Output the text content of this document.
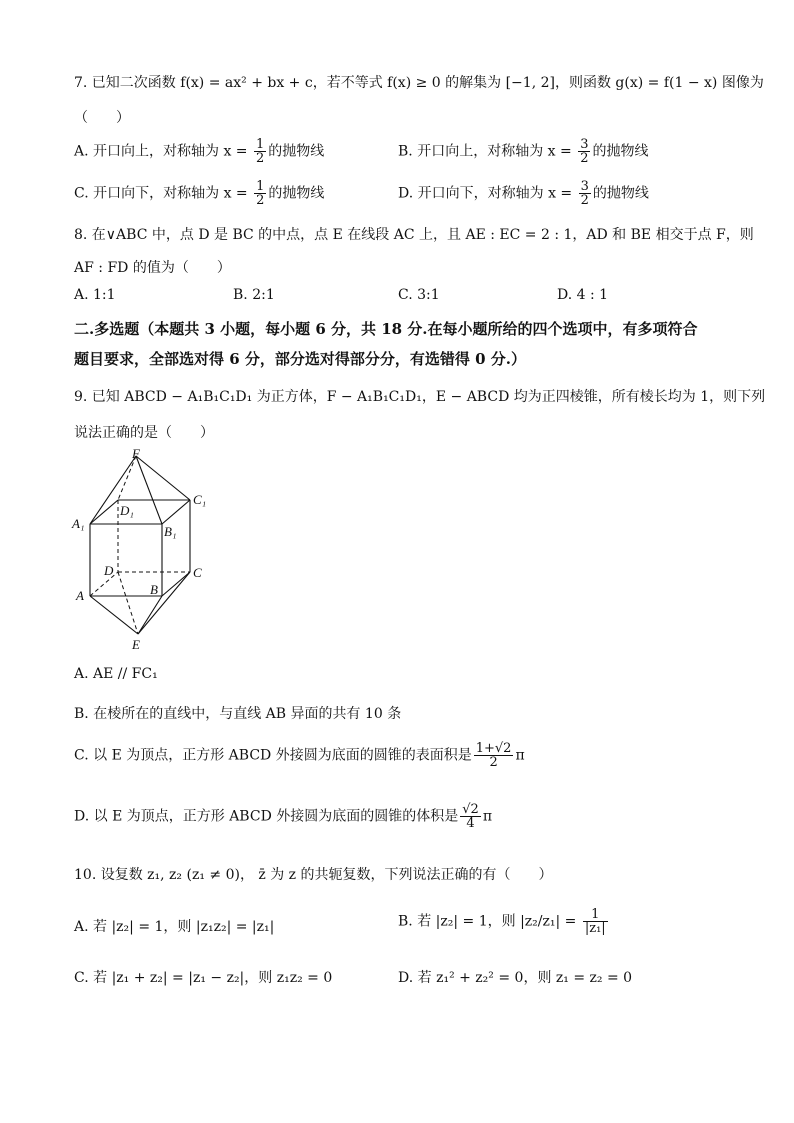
7. 已知二次函数 f(x) = ax² + bx + c，若不等式 f(x) ≥ 0 的解集为 [−1, 2]，则函数 g(x) = f(1 − x) 图像为
（　　）
A. 开口向上，对称轴为 $x = \frac{1}{2}$ 的抛物线	B. 开口向上，对称轴为 $x = \frac{3}{2}$ 的抛物线
C. 开口向下，对称轴为 $x = \frac{1}{2}$ 的抛物线	D. 开口向下，对称轴为 $x = \frac{3}{2}$ 的抛物线
8. 在∨ABC 中，点 D 是 BC 的中点，点 E 在线段 AC 上，且 AE : EC = 2 : 1，AD 和 BE 相交于点 F，则
AF : FD 的值为（　　）
A. 1:1	B. 2:1	C. 3:1	D. 4 : 1
二.多选题（本题共 3 小题，每小题 6 分，共 18 分.在每小题所给的四个选项中，有多项符合
题目要求，全部选对得 6 分，部分选对得部分分，有选错得 0 分.）
9. 已知 ABCD − A₁B₁C₁D₁ 为正方体，F − A₁B₁C₁D₁，E − ABCD 均为正四棱锥，所有棱长均为 1，则下列
说法正确的是（　　）
F
C₁
D₁
A₁
B₁
D	C
A	B
E
A. AE // FC₁
B. 在棱所在的直线中，与直线 AB 异面的共有 10 条
C. 以 E 为顶点，正方形 ABCD 外接圆为底面的圆锥的表面积是 $\frac{1+√2}{2}$ π
D. 以 E 为顶点，正方形 ABCD 外接圆为底面的圆锥的体积是 $\frac{√2}{4}$ π
10. 设复数 z₁, z₂ (z₁ ≠ 0)， z̄ 为 z 的共轭复数，下列说法正确的有（　　）
A. 若 |z₂| = 1，则 |z₁z₂| = |z₁|	B. 若 |z₂| = 1，则 $|z_2/z_1| = \frac{1}{\text{|z₁|}}$
C. 若 |z₁ + z₂| = |z₁ − z₂|，则 z₁z₂ = 0	D. 若 z₁² + z₂² = 0，则 z₁ = z₂ = 0
